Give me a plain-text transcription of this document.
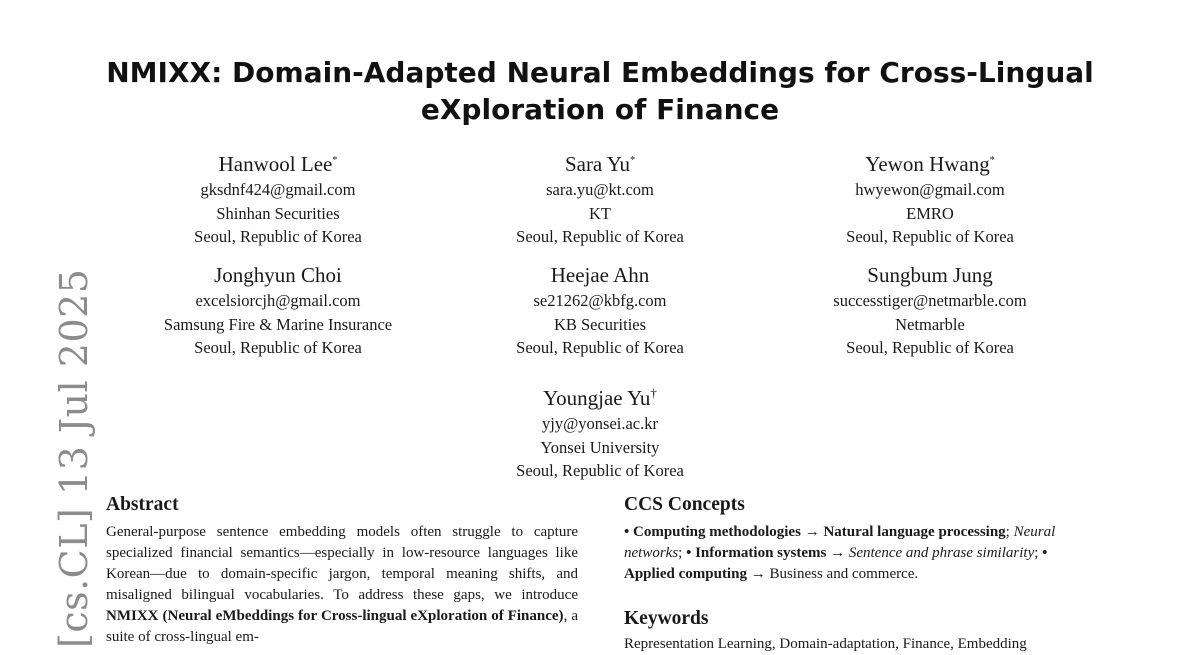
[cs.CL] 13 Jul 2025
NMIXX: Domain-Adapted Neural Embeddings for Cross-Lingual
eXploration of Finance
Hanwool Lee*
gksdnf424@gmail.com
Shinhan Securities
Seoul, Republic of Korea
Sara Yu*
sara.yu@kt.com
KT
Seoul, Republic of Korea
Yewon Hwang*
hwyewon@gmail.com
EMRO
Seoul, Republic of Korea
Jonghyun Choi
excelsiorcjh@gmail.com
Samsung Fire & Marine Insurance
Seoul, Republic of Korea
Heejae Ahn
se21262@kbfg.com
KB Securities
Seoul, Republic of Korea
Sungbum Jung
successtiger@netmarble.com
Netmarble
Seoul, Republic of Korea
Youngjae Yu†
yjy@yonsei.ac.kr
Yonsei University
Seoul, Republic of Korea
Abstract
General-purpose sentence embedding models often struggle to capture specialized financial semantics—especially in low-resource languages like Korean—due to domain-specific jargon, temporal meaning shifts, and misaligned bilingual vocabularies. To address these gaps, we introduce NMIXX (Neural eMbeddings for Cross-lingual eXploration of Finance), a suite of cross-lingual em-
CCS Concepts
• Computing methodologies → Natural language processing; Neural networks; • Information systems → Sentence and phrase similarity; • Applied computing → Business and commerce.
Keywords
Representation Learning, Domain-adaptation, Finance, Embedding
